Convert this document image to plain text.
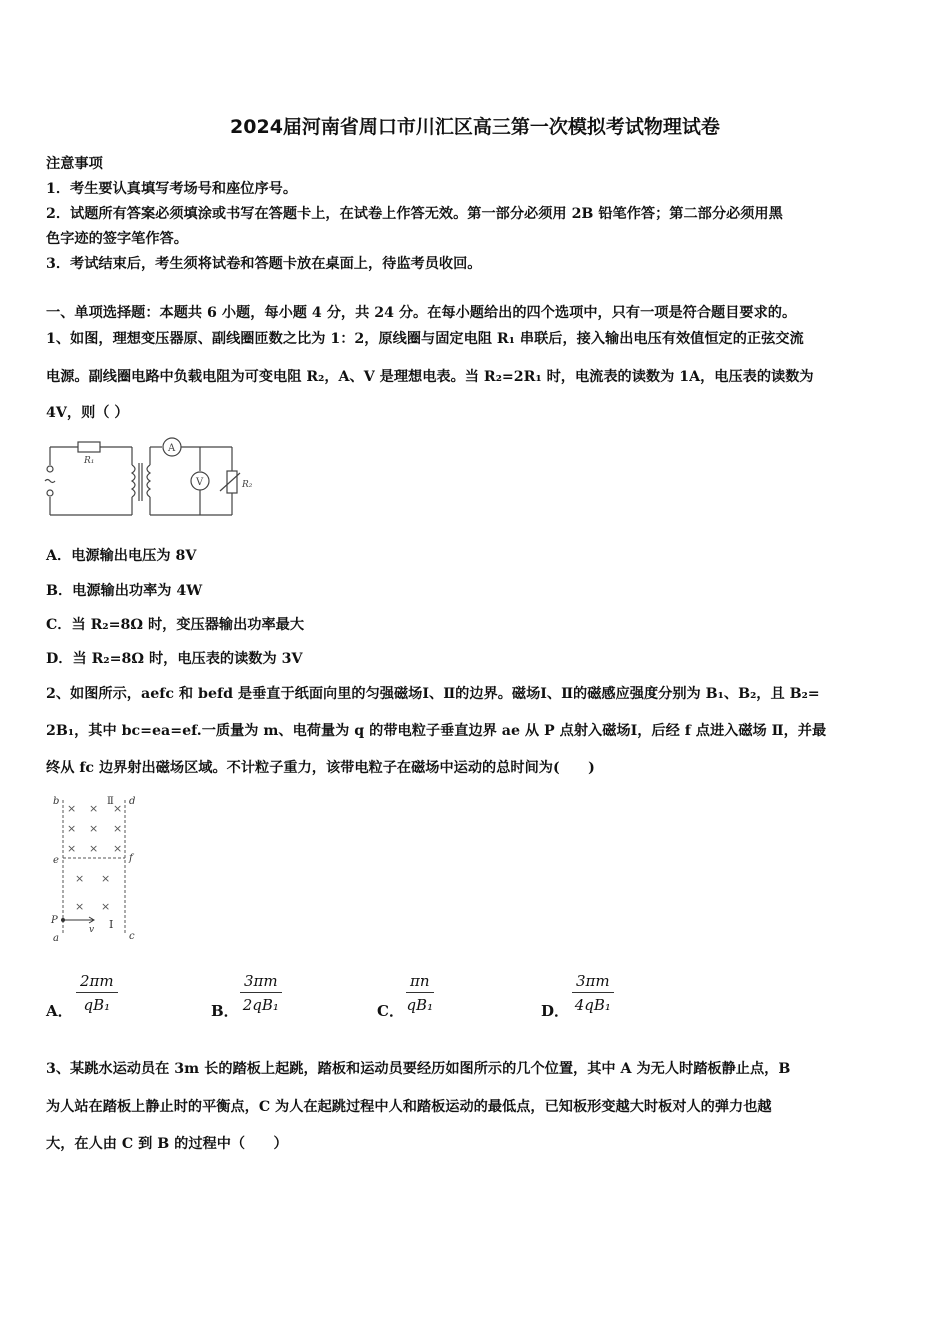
2024届河南省周口市川汇区高三第一次模拟考试物理试卷
注意事项
1．考生要认真填写考场号和座位序号。
2．试题所有答案必须填涂或书写在答题卡上，在试卷上作答无效。第一部分必须用 2B 铅笔作答；第二部分必须用黑
色字迹的签字笔作答。
3．考试结束后，考生须将试卷和答题卡放在桌面上，待监考员收回。
一、单项选择题：本题共 6 小题，每小题 4 分，共 24 分。在每小题给出的四个选项中，只有一项是符合题目要求的。
1、如图，理想变压器原、副线圈匝数之比为 1：2，原线圈与固定电阻 R₁ 串联后，接入输出电压有效值恒定的正弦交流
电源。副线圈电路中负载电阻为可变电阻 R₂，A、V 是理想电表。当 R₂=2R₁ 时，电流表的读数为 1A，电压表的读数为
4V，则（ ）
R₁
A
V	R₂
A．电源输出电压为 8V
B．电源输出功率为 4W
C．当 R₂=8Ω 时，变压器输出功率最大
D．当 R₂=8Ω 时，电压表的读数为 3V
2、如图所示，aefc 和 befd 是垂直于纸面向里的匀强磁场Ⅰ、Ⅱ的边界。磁场Ⅰ、Ⅱ的磁感应强度分别为 B₁、B₂，且 B₂=
2B₁，其中 bc=ea=ef.一质量为 m、电荷量为 q 的带电粒子垂直边界 ae 从 P 点射入磁场Ⅰ，后经 f 点进入磁场 Ⅱ，并最
终从 fc 边界射出磁场区域。不计粒子重力，该带电粒子在磁场中运动的总时间为(　　)
× × ×
× × ×
× × ×
× ×
× ×
b	d
e	f
P
a	c
v
Ⅱ
Ⅰ
A． $\frac{2\pi m}{\text{qB₁}}$	B． $\frac{3\pi m}{\text{2qB₁}}$	C． $\frac{\pi n}{\text{qB₁}}$	D． $\frac{3\pi m}{\text{4qB₁}}$
3、某跳水运动员在 3m 长的踏板上起跳，踏板和运动员要经历如图所示的几个位置，其中 A 为无人时踏板静止点，B
为人站在踏板上静止时的平衡点，C 为人在起跳过程中人和踏板运动的最低点，已知板形变越大时板对人的弹力也越
大，在人由 C 到 B 的过程中（　　）
